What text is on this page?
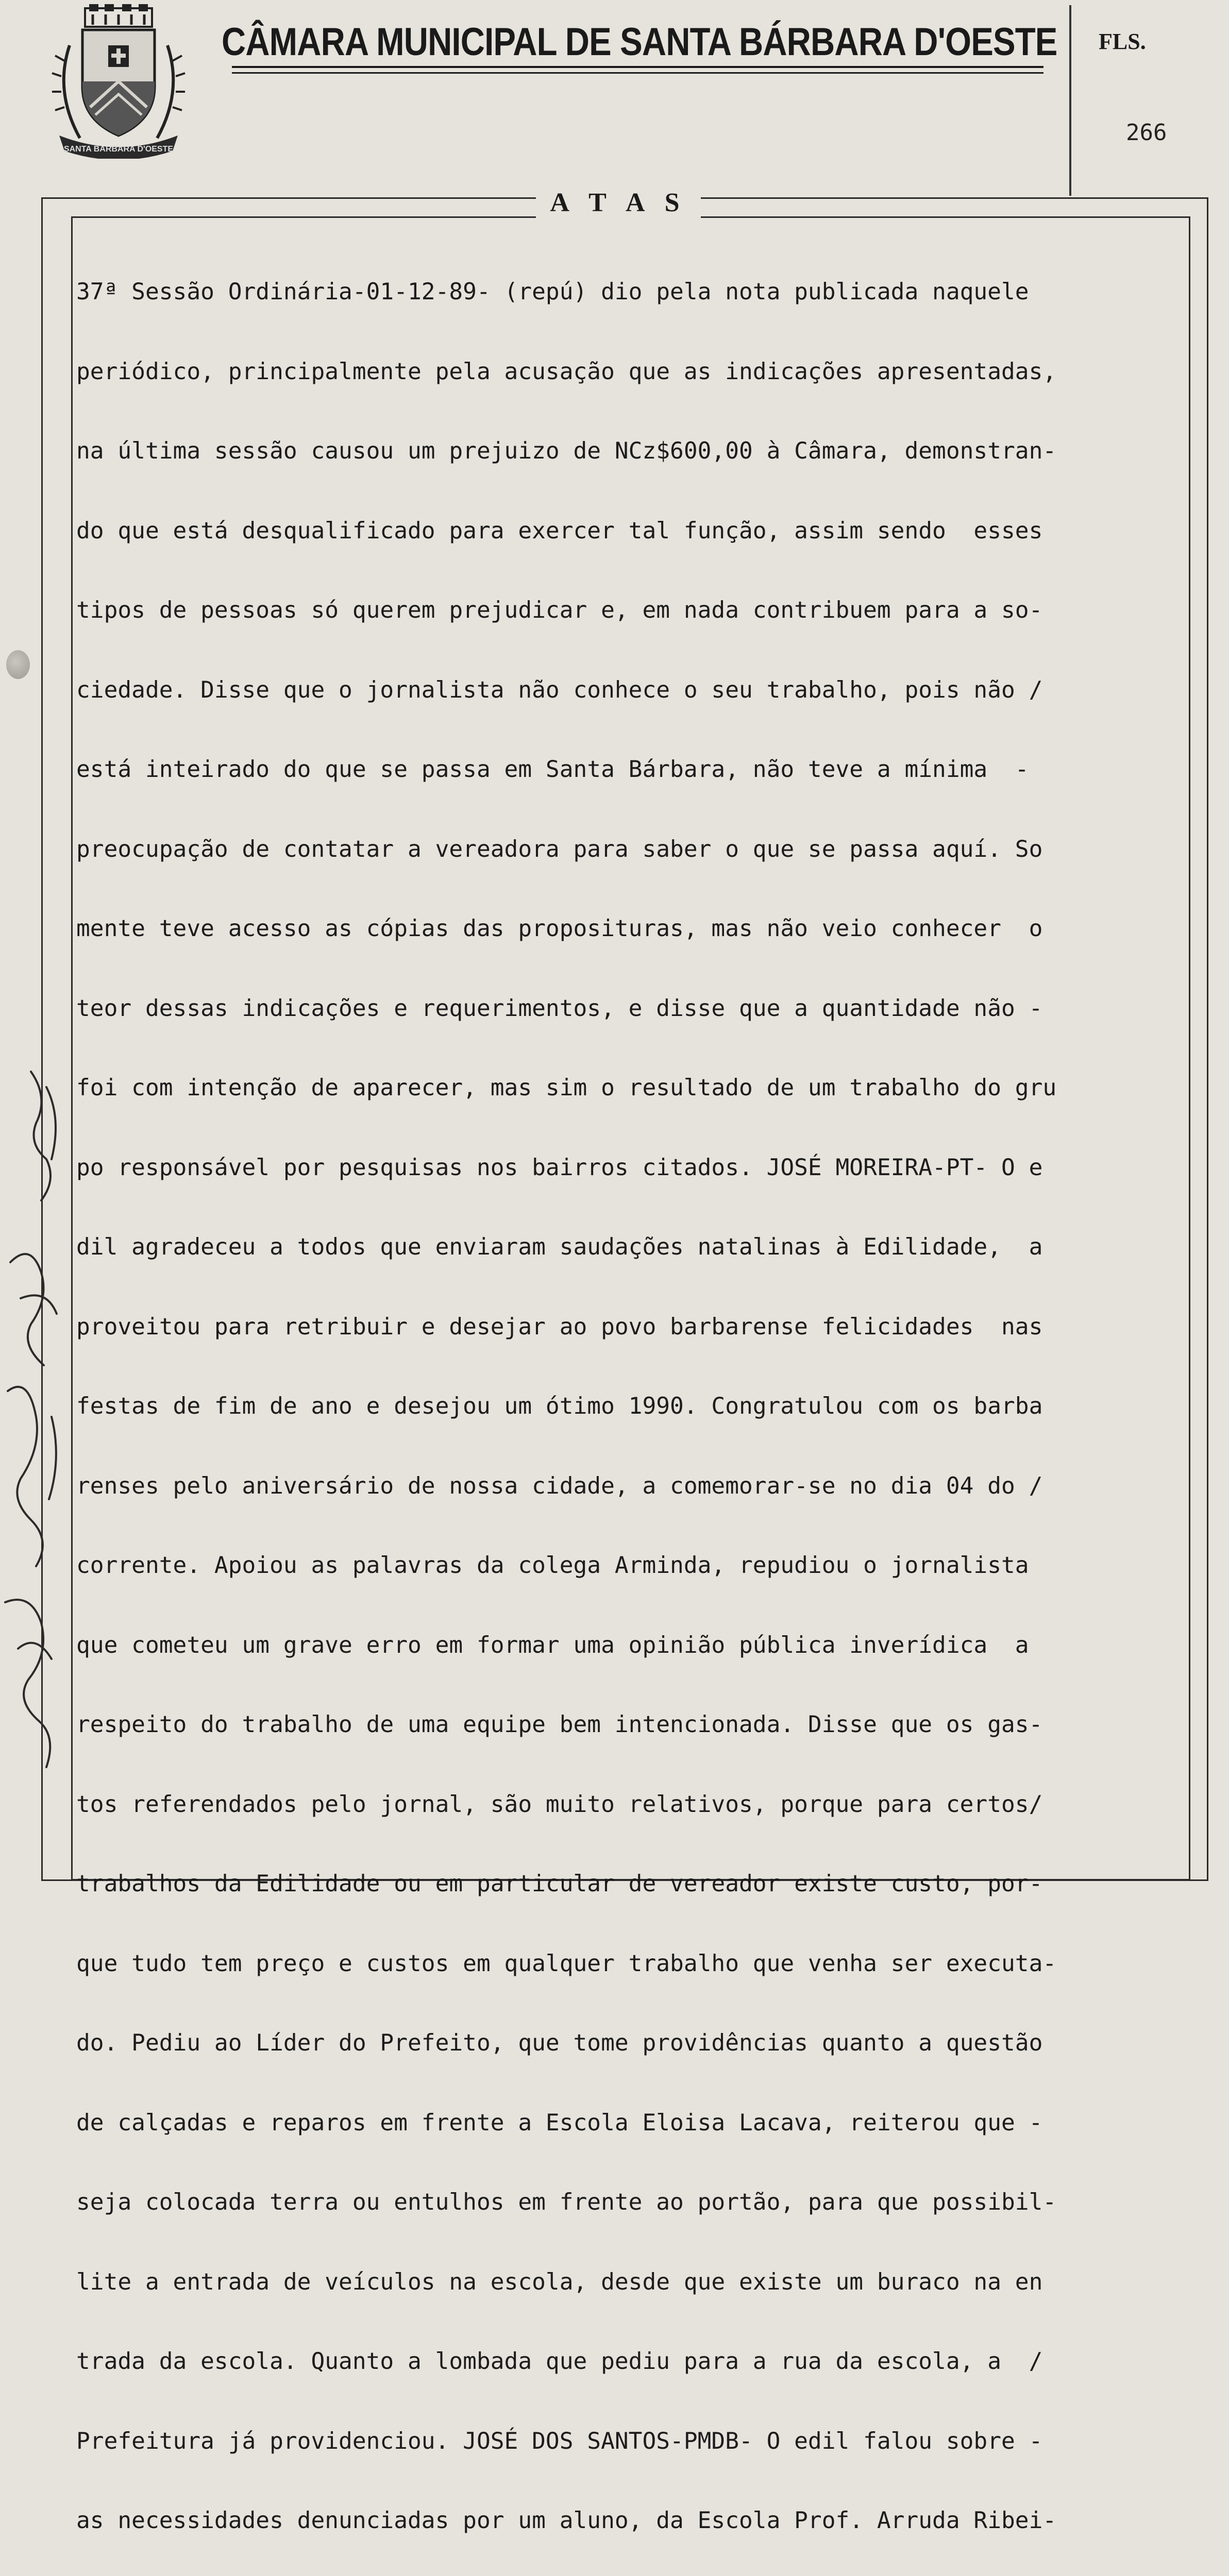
SANTA BARBARA D'OESTE
CÂMARA MUNICIPAL DE SANTA BÁRBARA D'OESTE FLS.
266
A T A S

37ª Sessão Ordinária-01-12-89- (repú) dio pela nota publicada naquele

periódico, principalmente pela acusação que as indicações apresentadas,

na última sessão causou um prejuizo de NCz$600,00 à Câmara, demonstran-

do que está desqualificado para exercer tal função, assim sendo  esses

tipos de pessoas só querem prejudicar e, em nada contribuem para a so-

ciedade. Disse que o jornalista não conhece o seu trabalho, pois não /

está inteirado do que se passa em Santa Bárbara, não teve a mínima  -

preocupação de contatar a vereadora para saber o que se passa aquí. So

mente teve acesso as cópias das proposituras, mas não veio conhecer  o

teor dessas indicações e requerimentos, e disse que a quantidade não -

foi com intenção de aparecer, mas sim o resultado de um trabalho do gru

po responsável por pesquisas nos bairros citados. JOSÉ MOREIRA-PT- O e

dil agradeceu a todos que enviaram saudações natalinas à Edilidade,  a

proveitou para retribuir e desejar ao povo barbarense felicidades  nas

festas de fim de ano e desejou um ótimo 1990. Congratulou com os barba

renses pelo aniversário de nossa cidade, a comemorar-se no dia 04 do /

corrente. Apoiou as palavras da colega Arminda, repudiou o jornalista

que cometeu um grave erro em formar uma opinião pública inverídica  a

respeito do trabalho de uma equipe bem intencionada. Disse que os gas-

tos referendados pelo jornal, são muito relativos, porque para certos/

trabalhos da Edilidade ou em particular de vereador existe custo, por-

que tudo tem preço e custos em qualquer trabalho que venha ser executa-

do. Pediu ao Líder do Prefeito, que tome providências quanto a questão

de calçadas e reparos em frente a Escola Eloisa Lacava, reiterou que -

seja colocada terra ou entulhos em frente ao portão, para que possibil-

lite a entrada de veículos na escola, desde que existe um buraco na en

trada da escola. Quanto a lombada que pediu para a rua da escola, a  /

Prefeitura já providenciou. JOSÉ DOS SANTOS-PMDB- O edil falou sobre -

as necessidades denunciadas por um aluno, da Escola Prof. Arruda Ribei-
